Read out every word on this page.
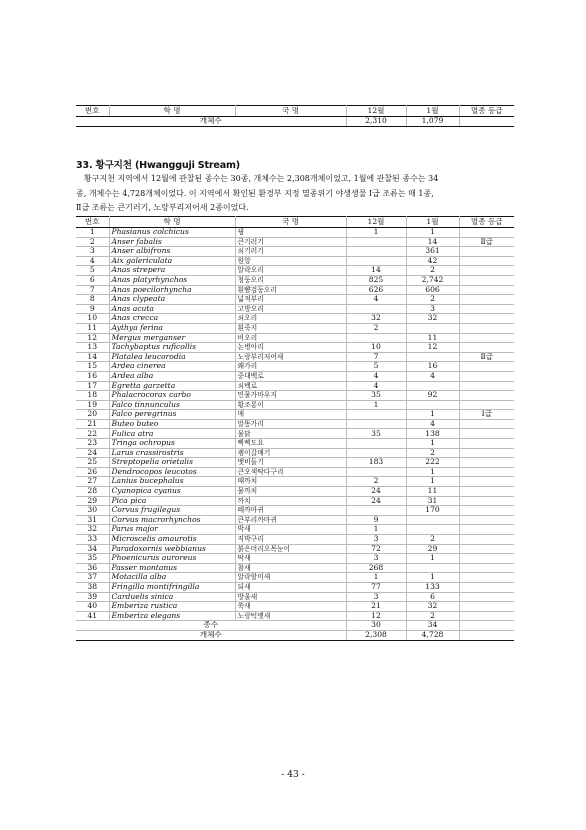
번호	학 명	국 명	12월	1월	멸종 등급
개체수			2,310	1,079	
33. 황구지천 (Hwangguji Stream)
황구지천 지역에서 12월에 관찰된 종수는 30종, 개체수는 2,308개체이었고, 1월에 관찰된 종수는 34
종, 개체수는 4,728개체이었다. 이 지역에서 확인된 환경부 지정 멸종위기 야생생물 Ⅰ급 조류는 매 1종,
Ⅱ급 조류는 큰기러기, 노랑부리저어새 2종이었다.
번호	학 명	국 명	12월	1월	멸종 등급
1	Phasianus colchicus	꿩	1	1	
2	Anser fabalis	큰기러기		14	Ⅱ급
3	Anser albifrons	쇠기러기		361	
4	Aix galericulata	원앙		42	
5	Anas strepera	알락오리	14	2	
6	Anas platyrhynchos	청둥오리	825	2,742	
7	Anas poecilorhyncha	흰뺨검둥오리	626	606	
8	Anas clypeata	넓적부리	4	2	
9	Anas acuta	고방오리		3	
10	Anas crecca	쇠오리	32	32	
11	Aythya ferina	흰죽지	2		
12	Mergus merganser	비오리		11	
13	Tachybaptus ruficollis	논병아리	10	12	
14	Platalea leucorodia	노랑부리저어새	7		Ⅱ급
15	Ardea cinerea	왜가리	5	16	
16	Ardea alba	중대백로	4	4	
17	Egretta garzetta	쇠백로	4		
18	Phalacrocorax carbo	민물가마우지	35	92	
19	Falco tinnunculus	황조롱이	1		
20	Falco peregrinus	매		1	Ⅰ급
21	Buteo buteo	말똥가리		4	
22	Fulica atra	물닭	35	138	
23	Tringa ochropus	삑삑도요		1	
24	Larus crassirostris	괭이갈매기		2	
25	Streptopelia orietalis	멧비둘기	183	222	
26	Dendrocopos leucotos	큰오색딱다구리		1	
27	Lanius bucephalus	때까치	2	1	
28	Cyanopica cyanus	물까치	24	11	
29	Pica pica	까치	24	31	
30	Corvus frugilegus	떼까마귀		170	
31	Corvus macrorhynchos	큰부리까마귀	9		
32	Parus major	박새	1		
33	Microscelis amaurotis	직박구리	3	2	
34	Paradoxornis webbianus	붉은머리오목눈이	72	29	
35	Phoenicurus auroreus	딱새	3	1	
36	Passer montanus	참새	268		
37	Motacilla alba	알락할미새	1	1	
38	Fringilla montifringilla	되새	77	133	
39	Carduelis sinica	방울새	3	6	
40	Emberiza rustica	쑥새	21	32	
41	Emberiza elegans	노랑턱멧새	12	2	
종수			30	34	
개체수			2,308	4,728	
- 43 -
